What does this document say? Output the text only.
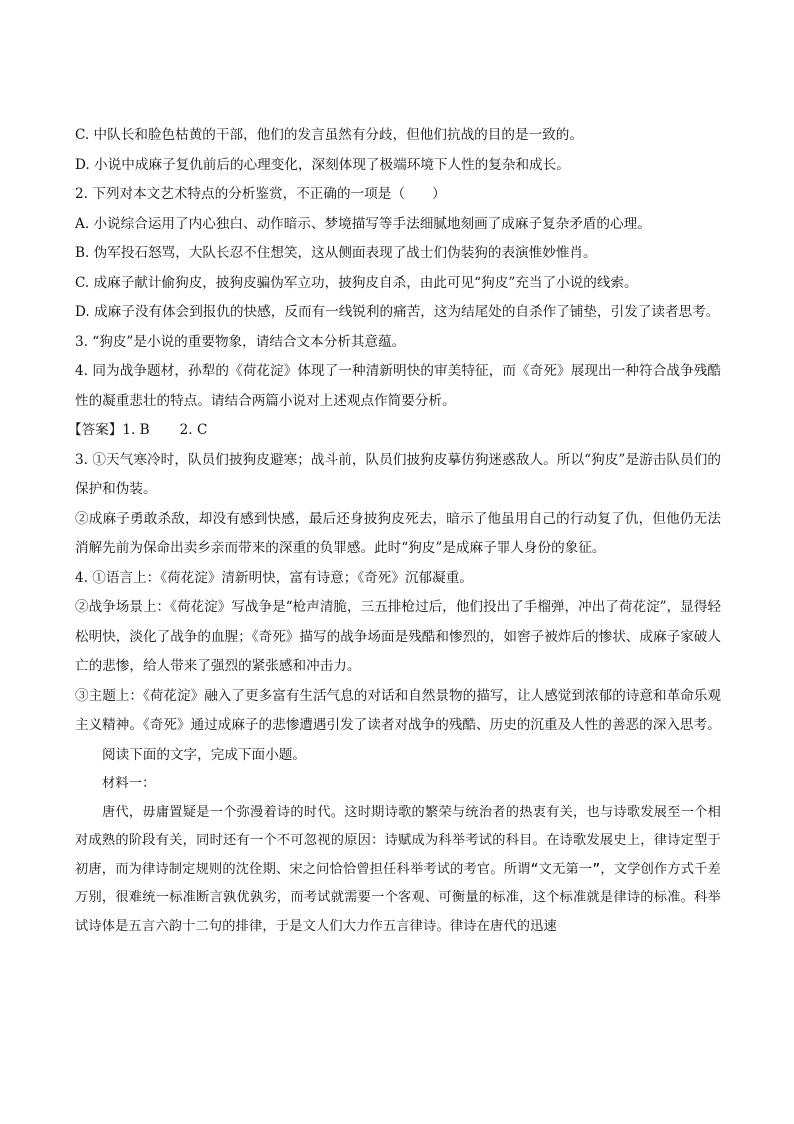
C. 中队长和脸色枯黄的干部，他们的发言虽然有分歧，但他们抗战的目的是一致的。

D. 小说中成麻子复仇前后的心理变化，深刻体现了极端环境下人性的复杂和成长。

2. 下列对本文艺术特点的分析鉴赏，不正确的一项是（　　）

A. 小说综合运用了内心独白、动作暗示、梦境描写等手法细腻地刻画了成麻子复杂矛盾的心理。

B. 伪军投石怒骂，大队长忍不住想笑，这从侧面表现了战士们伪装狗的表演惟妙惟肖。

C. 成麻子献计偷狗皮，披狗皮骗伪军立功，披狗皮自杀，由此可见“狗皮”充当了小说的线索。

D. 成麻子没有体会到报仇的快感，反而有一线锐利的痛苦，这为结尾处的自杀作了铺垫，引发了读者思考。

3. “狗皮”是小说的重要物象，请结合文本分析其意蕴。

4. 同为战争题材，孙犁的《荷花淀》体现了一种清新明快的审美特征，而《奇死》展现出一种符合战争残酷性的凝重悲壮的特点。请结合两篇小说对上述观点作简要分析。

【答案】1. B 2. C

3. ①天气寒冷时，队员们披狗皮避寒；战斗前，队员们披狗皮摹仿狗迷惑敌人。所以“狗皮”是游击队员们的保护和伪装。

②成麻子勇敢杀敌，却没有感到快感，最后还身披狗皮死去，暗示了他虽用自己的行动复了仇，但他仍无法消解先前为保命出卖乡亲而带来的深重的负罪感。此时“狗皮”是成麻子罪人身份的象征。

4. ①语言上：《荷花淀》清新明快，富有诗意；《奇死》沉郁凝重。

②战争场景上：《荷花淀》写战争是“枪声清脆，三五排枪过后，他们投出了手榴弹，冲出了荷花淀”，显得轻松明快，淡化了战争的血腥；《奇死》描写的战争场面是残酷和惨烈的，如窖子被炸后的惨状、成麻子家破人亡的悲惨，给人带来了强烈的紧张感和冲击力。

③主题上：《荷花淀》融入了更多富有生活气息的对话和自然景物的描写，让人感觉到浓郁的诗意和革命乐观主义精神。《奇死》通过成麻子的悲惨遭遇引发了读者对战争的残酷、历史的沉重及人性的善恶的深入思考。

阅读下面的文字，完成下面小题。

材料一：

唐代，毋庸置疑是一个弥漫着诗的时代。这时期诗歌的繁荣与统治者的热衷有关，也与诗歌发展至一个相对成熟的阶段有关，同时还有一个不可忽视的原因：诗赋成为科举考试的科目。在诗歌发展史上，律诗定型于初唐，而为律诗制定规则的沈佺期、宋之问恰恰曾担任科举考试的考官。所谓“文无第一”，文学创作方式千差万别，很难统一标准断言孰优孰劣，而考试就需要一个客观、可衡量的标准，这个标准就是律诗的标准。科举试诗体是五言六韵十二句的排律，于是文人们大力作五言律诗。律诗在唐代的迅速
